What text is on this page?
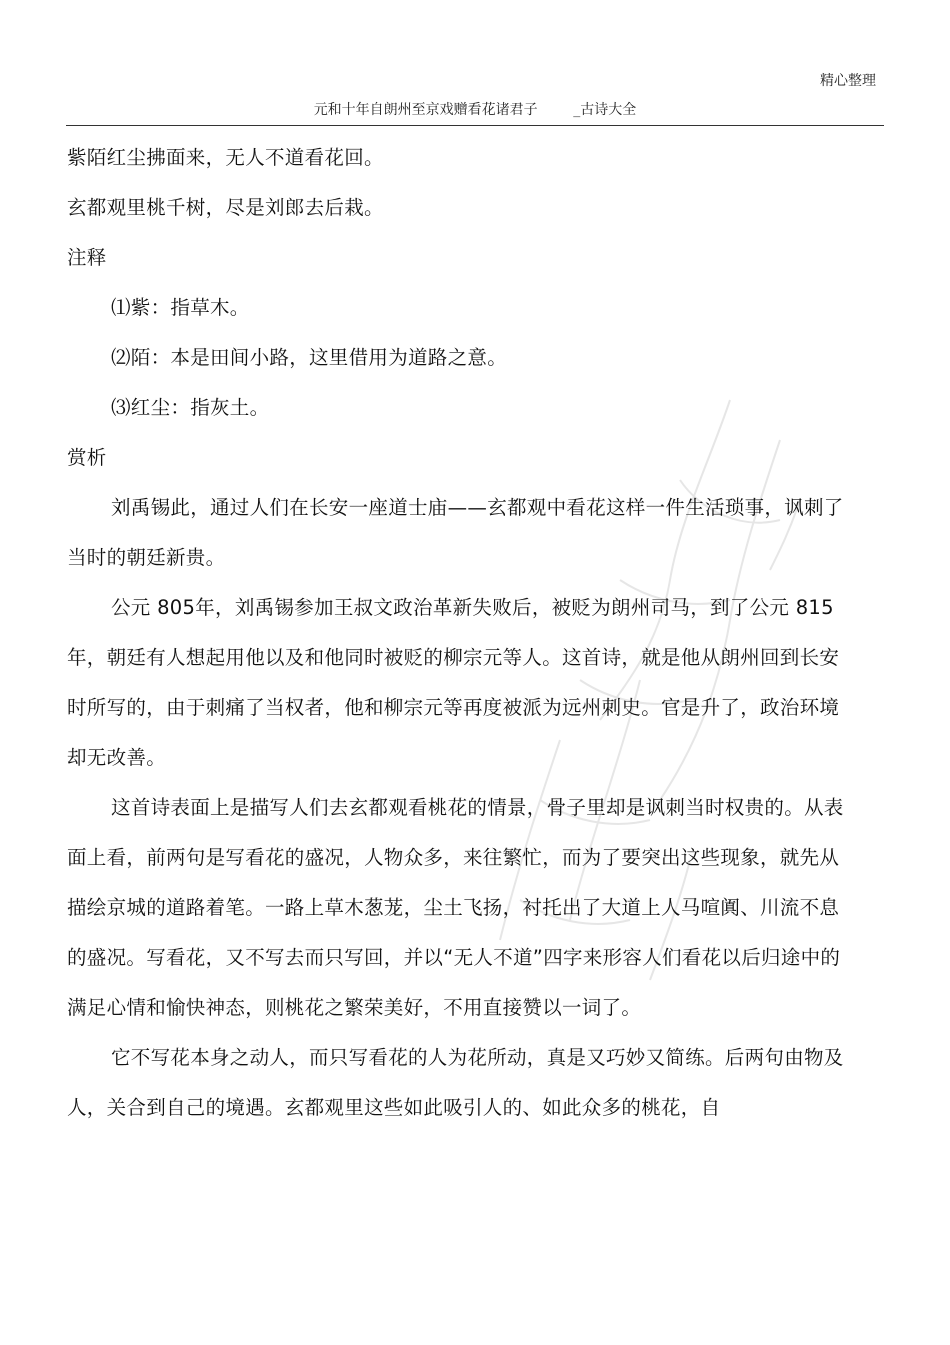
精心整理
元和十年自朗州至京戏赠看花诸君子        _古诗大全

紫陌红尘拂面来，无人不道看花回。

玄都观里桃千树，尽是刘郎去后栽。

注释

⑴紫：指草木。

⑵陌：本是田间小路，这里借用为道路之意。

⑶红尘：指灰土。

赏析

刘禹锡此，通过人们在长安一座道士庙——玄都观中看花这样一件生活琐事，讽刺了当时的朝廷新贵。

公元 805年，刘禹锡参加王叔文政治革新失败后，被贬为朗州司马，到了公元 815年，朝廷有人想起用他以及和他同时被贬的柳宗元等人。这首诗，就是他从朗州回到长安时所写的，由于刺痛了当权者，他和柳宗元等再度被派为远州刺史。官是升了，政治环境却无改善。

这首诗表面上是描写人们去玄都观看桃花的情景，骨子里却是讽刺当时权贵的。从表面上看，前两句是写看花的盛况，人物众多，来往繁忙，而为了要突出这些现象，就先从描绘京城的道路着笔。一路上草木葱茏，尘土飞扬，衬托出了大道上人马喧阗、川流不息的盛况。写看花，又不写去而只写回，并以“无人不道”四字来形容人们看花以后归途中的满足心情和愉快神态，则桃花之繁荣美好，不用直接赞以一词了。

它不写花本身之动人，而只写看花的人为花所动，真是又巧妙又简练。后两句由物及人，关合到自己的境遇。玄都观里这些如此吸引人的、如此众多的桃花，自
